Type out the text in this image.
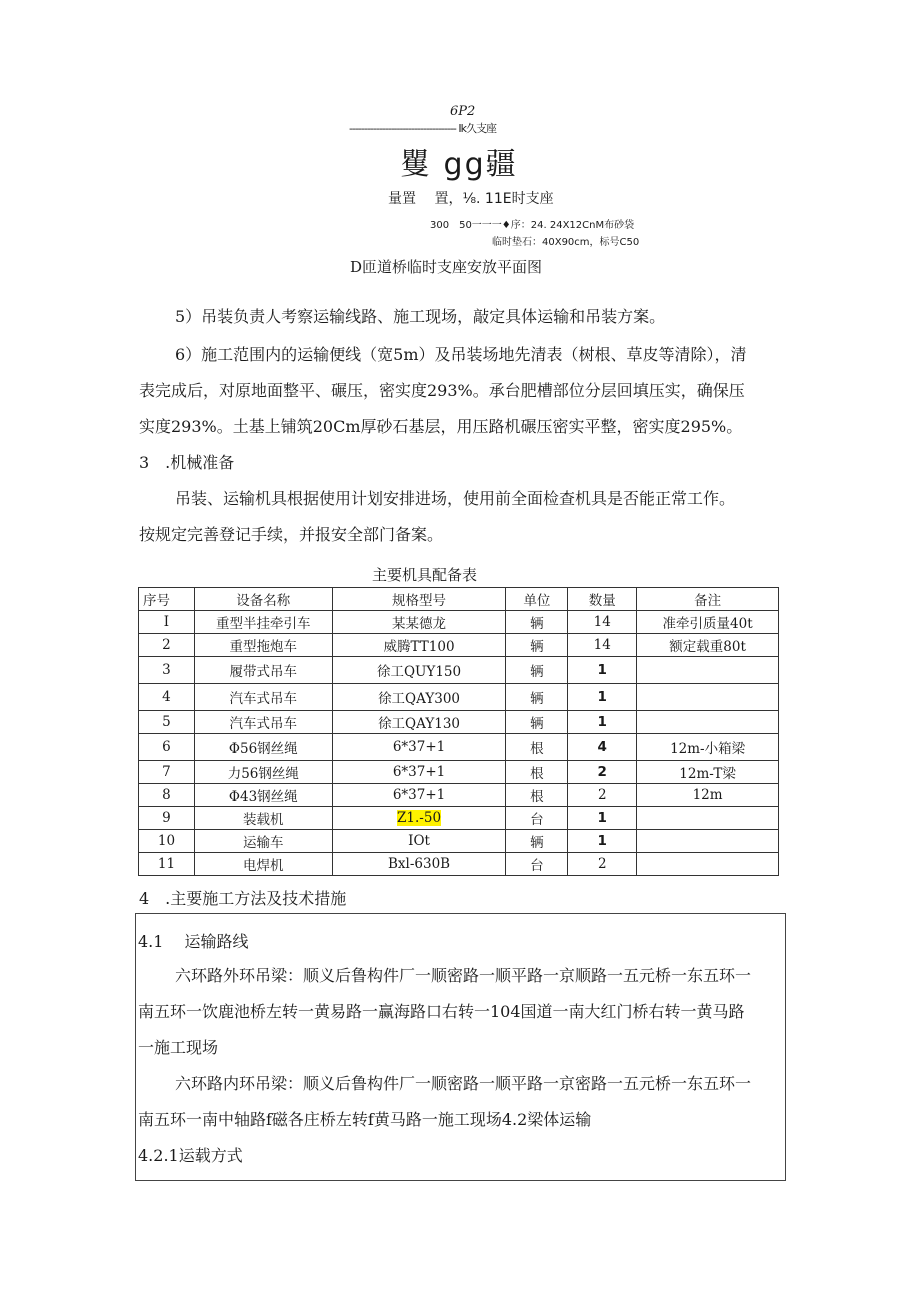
6P2
------------------------------------ Ik久支座
矍 gg疆
量置　 置，⅛. 11E时支座
300　50一一一♦序：24. 24X12CnM布砂袋
临时垫石：40X90cm，标号C50
D匝道桥临时支座安放平面图
5）吊装负责人考察运输线路、施工现场，敲定具体运输和吊装方案。
6）施工范围内的运输便线（宽5m）及吊装场地先清表（树根、草皮等清除），清
表完成后，对原地面整平、碾压，密实度293%。承台肥槽部位分层回填压实，确保压
实度293%。土基上铺筑20Cm厚砂石基层，用压路机碾压密实平整，密实度295%。
3　.机械准备
吊装、运输机具根据使用计划安排进场，使用前全面检查机具是否能正常工作。
按规定完善登记手续，并报安全部门备案。
主要机具配备表
序号	设备名称	规格型号	单位	数量	备注
I	重型半挂牵引车	某某德龙	辆	14	准牵引质量40t
2	重型拖炮车	威腾TT100	辆	14	额定载重80t
3	履带式吊车	徐工QUY150	辆	1	
4	汽车式吊车	徐工QAY300	辆	1	
5	汽车式吊车	徐工QAY130	辆	1	
6	Φ56钢丝绳	6*37+1	根	4	12m-小箱梁
7	力56钢丝绳	6*37+1	根	2	12m-T梁
8	Φ43钢丝绳	6*37+1	根	2	12m
9	装载机	Z1.-50	台	1	
10	运输车	IOt	辆	1	
11	电焊机	Bxl-630B	台	2	
4　.主要施工方法及技术措施
4.1　 运输路线
六环路外环吊梁：顺义后鲁构件厂一顺密路一顺平路一京顺路一五元桥一东五环一
南五环一饮鹿池桥左转一黄易路一赢海路口右转一104国道一南大红门桥右转一黄马路
一施工现场
六环路内环吊梁：顺义后鲁构件厂一顺密路一顺平路一京密路一五元桥一东五环一
南五环一南中轴路f磁各庄桥左转f黄马路一施工现场4.2梁体运输
4.2.1运载方式
